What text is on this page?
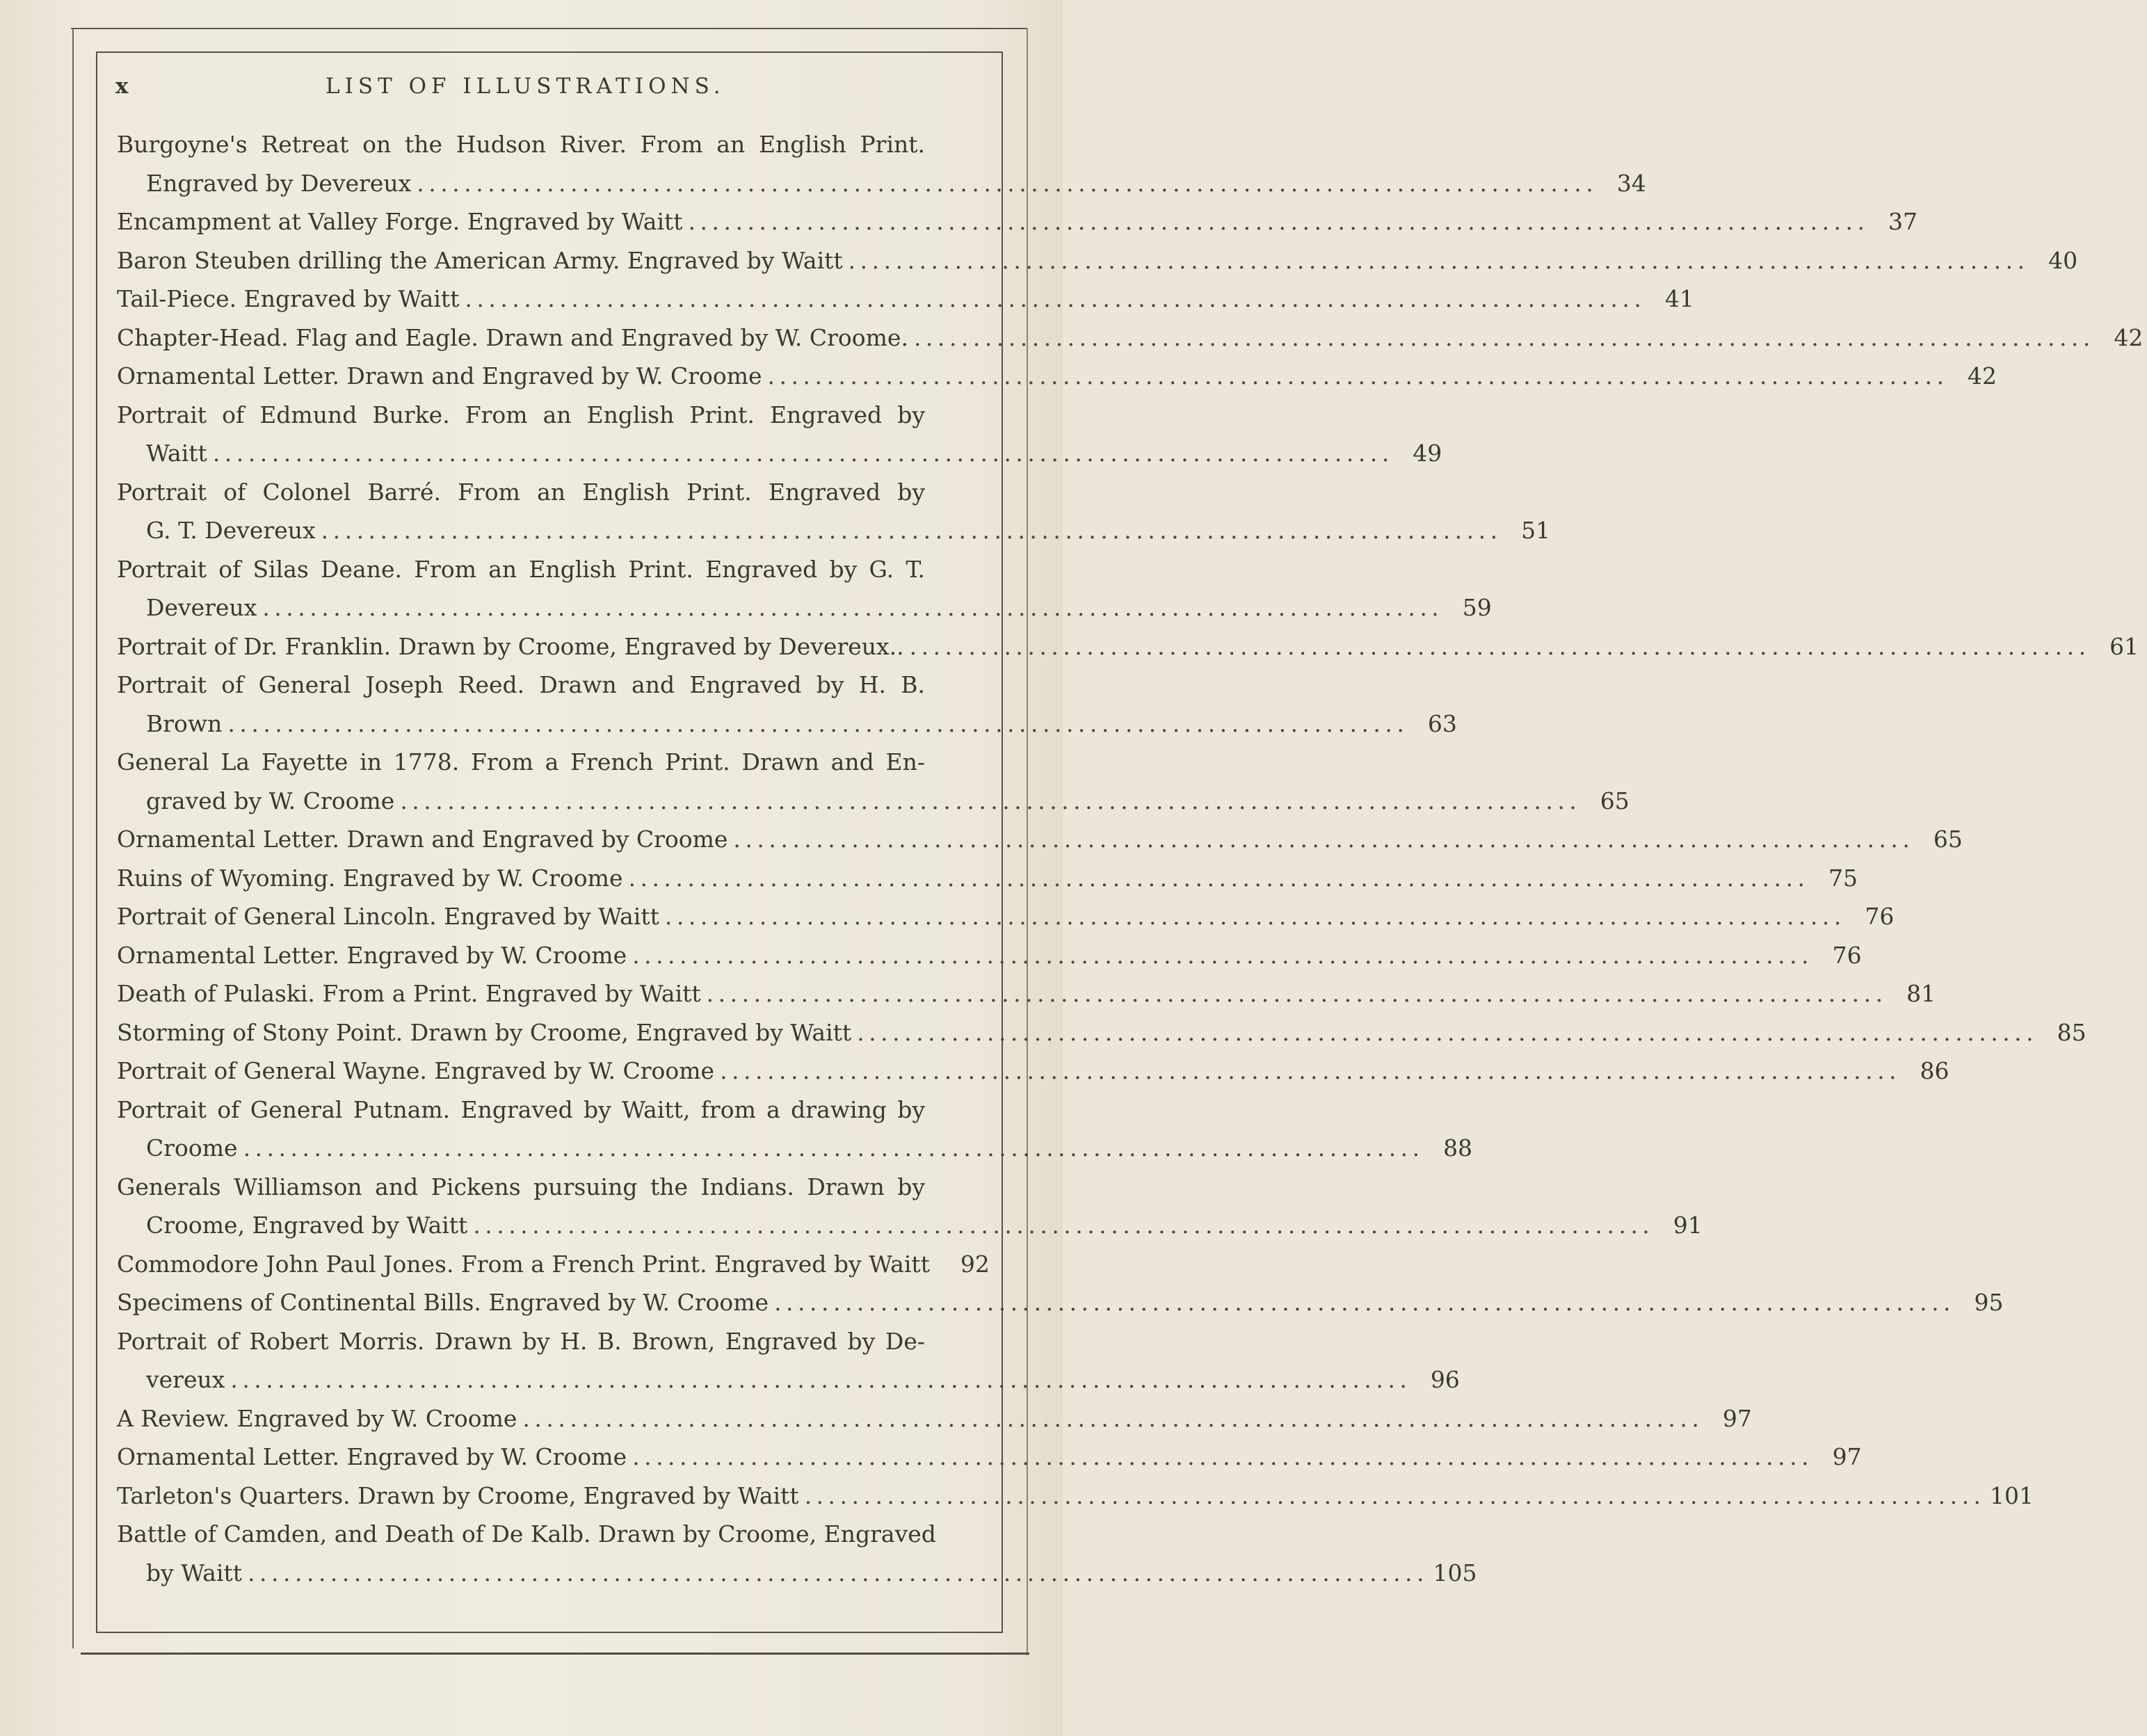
x	LIST OF ILLUSTRATIONS.
Burgoyne's Retreat on the Hudson River. From an English Print.
Engraved by Devereux . . .	34
Encampment at Valley Forge. Engraved by Waitt . . .	37
Baron Steuben drilling the American Army. Engraved by Waitt . . .	40
Tail-Piece. Engraved by Waitt . . .	41
Chapter-Head. Flag and Eagle. Drawn and Engraved by W. Croome. . . .	42
Ornamental Letter. Drawn and Engraved by W. Croome . . .	42
Portrait of Edmund Burke. From an English Print. Engraved by
Waitt . . .	49
Portrait of Colonel Barré. From an English Print. Engraved by
G. T. Devereux . . .	51
Portrait of Silas Deane. From an English Print. Engraved by G. T.
Devereux . . .	59
Portrait of Dr. Franklin. Drawn by Croome, Engraved by Devereux.. . . .	61
Portrait of General Joseph Reed. Drawn and Engraved by H. B.
Brown . . .	63
General La Fayette in 1778. From a French Print. Drawn and En-
graved by W. Croome . . .	65
Ornamental Letter. Drawn and Engraved by Croome . . .	65
Ruins of Wyoming. Engraved by W. Croome . . .	75
Portrait of General Lincoln. Engraved by Waitt . . .	76
Ornamental Letter. Engraved by W. Croome . . .	76
Death of Pulaski. From a Print. Engraved by Waitt . . .	81
Storming of Stony Point. Drawn by Croome, Engraved by Waitt . . .	85
Portrait of General Wayne. Engraved by W. Croome . . .	86
Portrait of General Putnam. Engraved by Waitt, from a drawing by
Croome . . .	88
Generals Williamson and Pickens pursuing the Indians. Drawn by
Croome, Engraved by Waitt . . .	91
Commodore John Paul Jones. From a French Print. Engraved by Waitt	92
Specimens of Continental Bills. Engraved by W. Croome . . .	95
Portrait of Robert Morris. Drawn by H. B. Brown, Engraved by De-
vereux . . .	96
A Review. Engraved by W. Croome . . .	97
Ornamental Letter. Engraved by W. Croome . . .	97
Tarleton's Quarters. Drawn by Croome, Engraved by Waitt . . .	101
Battle of Camden, and Death of De Kalb. Drawn by Croome, Engraved
by Waitt . . .	105
